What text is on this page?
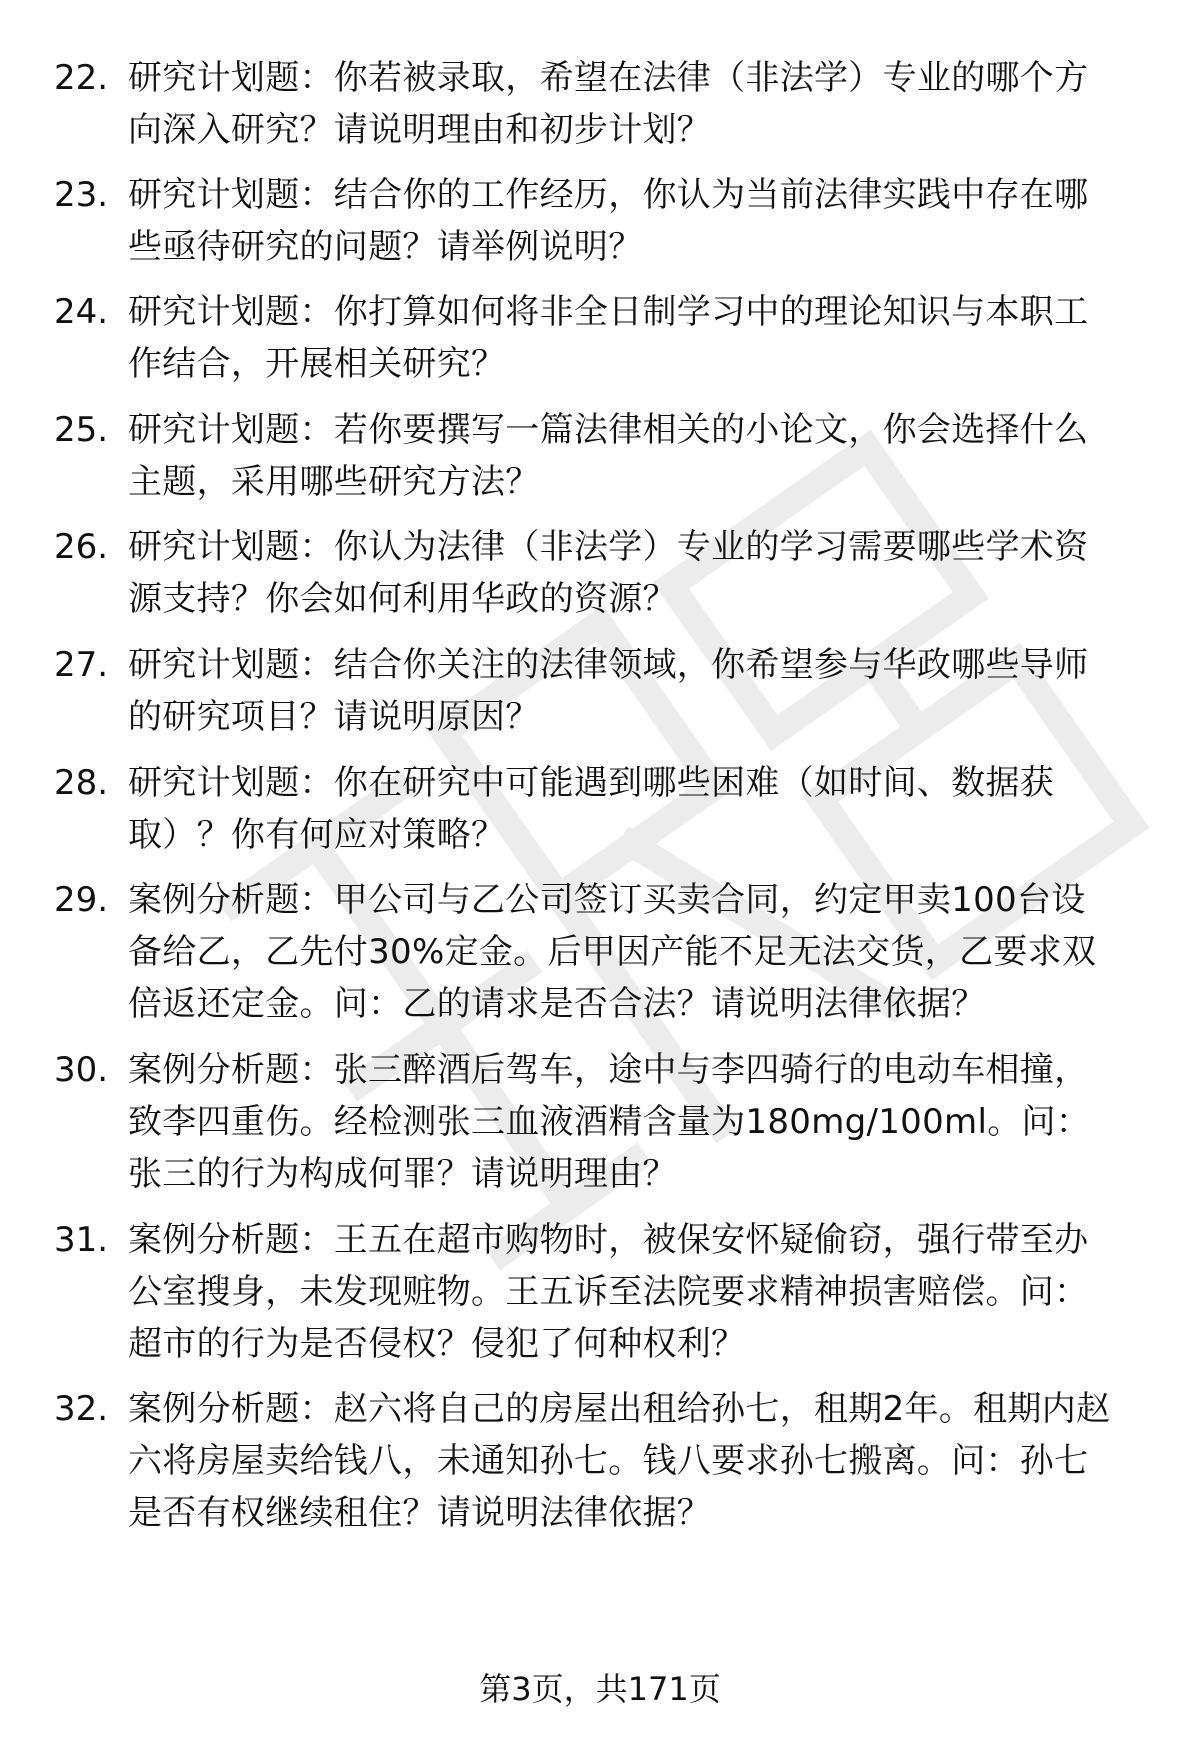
22. 研究计划题：你若被录取，希望在法律（非法学）专业的哪个方
向深入研究？请说明理由和初步计划？
23. 研究计划题：结合你的工作经历，你认为当前法律实践中存在哪
些亟待研究的问题？请举例说明？
24. 研究计划题：你打算如何将非全日制学习中的理论知识与本职工
作结合，开展相关研究？
25. 研究计划题：若你要撰写一篇法律相关的小论文，你会选择什么
主题，采用哪些研究方法？
26. 研究计划题：你认为法律（非法学）专业的学习需要哪些学术资
源支持？你会如何利用华政的资源？
27. 研究计划题：结合你关注的法律领域，你希望参与华政哪些导师
的研究项目？请说明原因？
28. 研究计划题：你在研究中可能遇到哪些困难（如时间、数据获
取）？你有何应对策略？
29. 案例分析题：甲公司与乙公司签订买卖合同，约定甲卖100台设
备给乙，乙先付30%定金。后甲因产能不足无法交货，乙要求双
倍返还定金。问：乙的请求是否合法？请说明法律依据？
30. 案例分析题：张三醉酒后驾车，途中与李四骑行的电动车相撞，
致李四重伤。经检测张三血液酒精含量为180mg/100ml。问：
张三的行为构成何罪？请说明理由？
31. 案例分析题：王五在超市购物时，被保安怀疑偷窃，强行带至办
公室搜身，未发现赃物。王五诉至法院要求精神损害赔偿。问：
超市的行为是否侵权？侵犯了何种权利？
32. 案例分析题：赵六将自己的房屋出租给孙七，租期2年。租期内赵
六将房屋卖给钱八，未通知孙七。钱八要求孙七搬离。问：孙七
是否有权继续租住？请说明法律依据？
第3页，共171页
